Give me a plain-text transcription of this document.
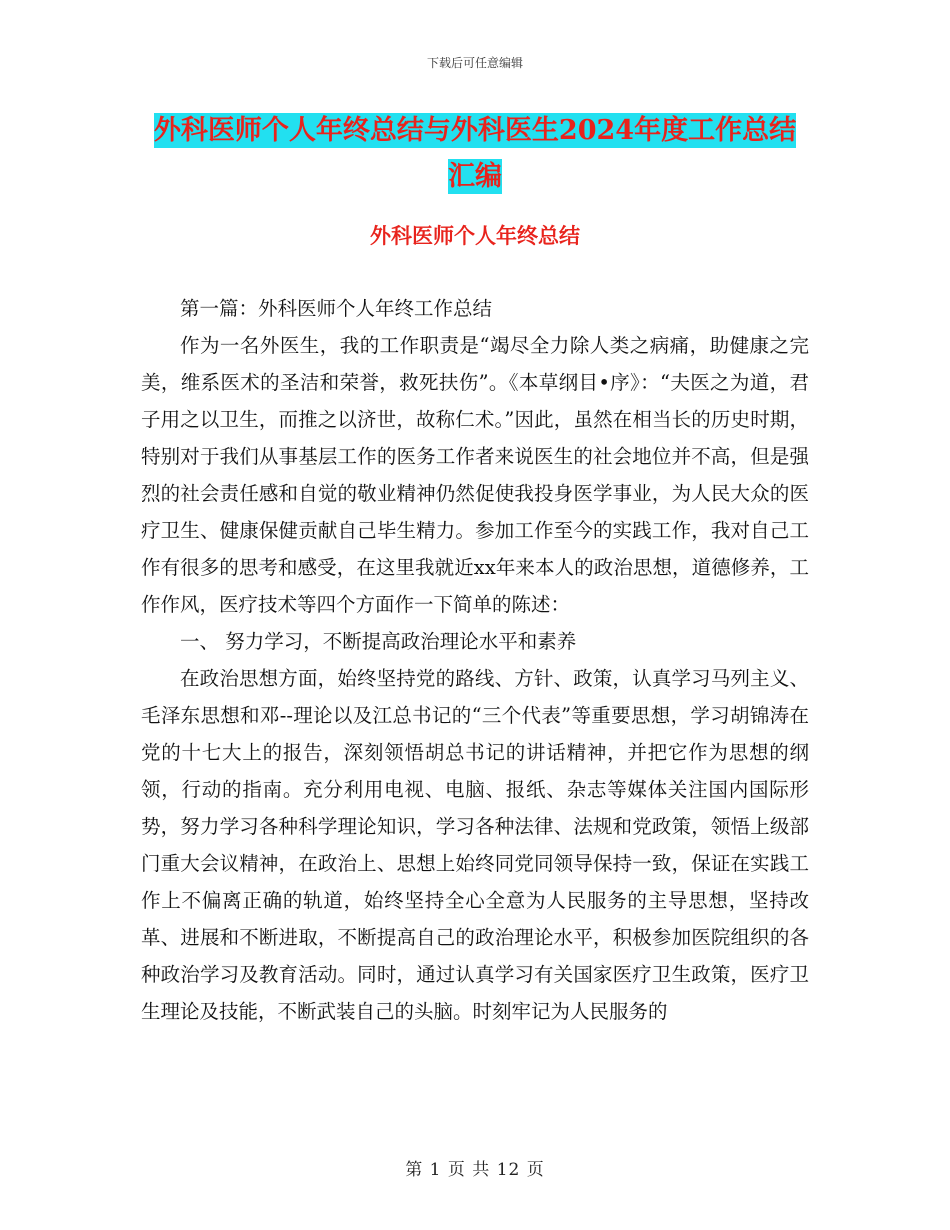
下载后可任意编辑
外科医师个人年终总结与外科医生2024年度工作总结
汇编
外科医师个人年终总结

第一篇：外科医师个人年终工作总结

作为一名外医生，我的工作职责是“竭尽全力除人类之病痛，助健康之完美，维系医术的圣洁和荣誉，救死扶伤”。《本草纲目•序》：“夫医之为道，君子用之以卫生，而推之以济世，故称仁术。”因此，虽然在相当长的历史时期，特别对于我们从事基层工作的医务工作者来说医生的社会地位并不高，但是强烈的社会责任感和自觉的敬业精神仍然促使我投身医学事业，为人民大众的医疗卫生、健康保健贡献自己毕生精力。参加工作至今的实践工作，我对自己工作有很多的思考和感受，在这里我就近xx年来本人的政治思想，道德修养，工作作风，医疗技术等四个方面作一下简单的陈述：

一、 努力学习，不断提高政治理论水平和素养

在政治思想方面，始终坚持党的路线、方针、政策，认真学习马列主义、毛泽东思想和邓--理论以及江总书记的“三个代表”等重要思想，学习胡锦涛在党的十七大上的报告，深刻领悟胡总书记的讲话精神，并把它作为思想的纲领，行动的指南。充分利用电视、电脑、报纸、杂志等媒体关注国内国际形势，努力学习各种科学理论知识，学习各种法律、法规和党政策，领悟上级部门重大会议精神，在政治上、思想上始终同党同领导保持一致，保证在实践工作上不偏离正确的轨道，始终坚持全心全意为人民服务的主导思想，坚持改革、进展和不断进取，不断提高自己的政治理论水平，积极参加医院组织的各种政治学习及教育活动。同时，通过认真学习有关国家医疗卫生政策，医疗卫生理论及技能，不断武装自己的头脑。时刻牢记为人民服务的

第 1 页 共 12 页
